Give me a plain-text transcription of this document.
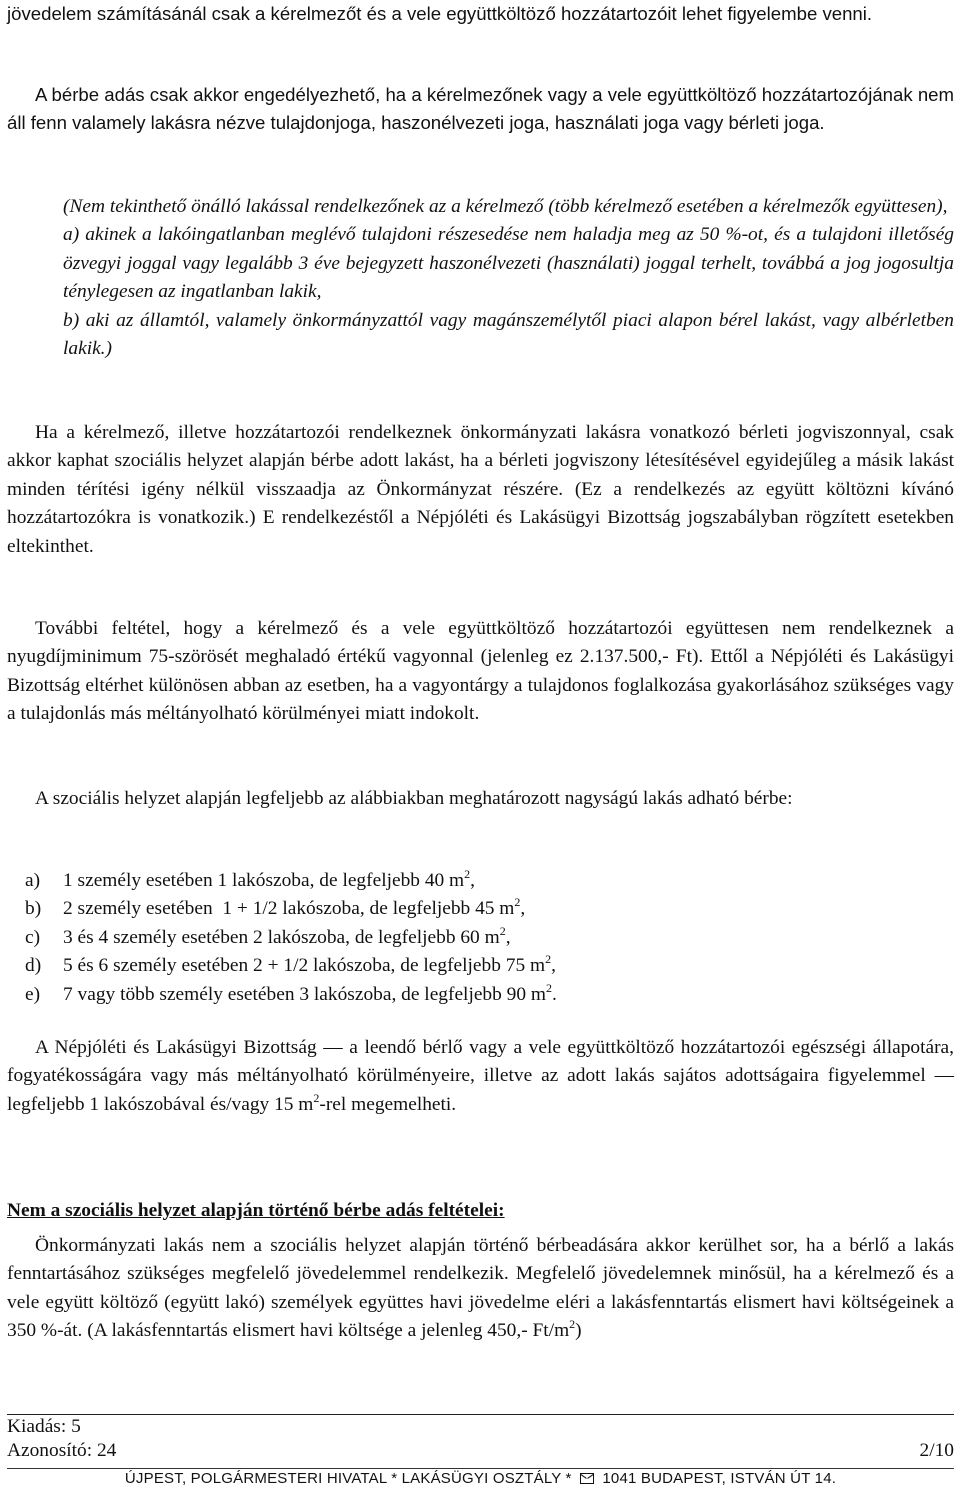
jövedelem számításánál csak a kérelmezőt és a vele együttköltöző hozzátartozóit lehet figyelembe venni.

A bérbe adás csak akkor engedélyezhető, ha a kérelmezőnek vagy a vele együttköltöző hozzátartozójának nem áll fenn valamely lakásra nézve tulajdonjoga, haszonélvezeti joga, használati joga vagy bérleti joga.

(Nem tekinthető önálló lakással rendelkezőnek az a kérelmező (több kérelmező esetében a kérelmezők együttesen),

a) akinek a lakóingatlanban meglévő tulajdoni részesedése nem haladja meg az 50 %-ot, és a tulajdoni illetőség özvegyi joggal vagy legalább 3 éve bejegyzett haszonélvezeti (használati) joggal terhelt, továbbá a jog jogosultja ténylegesen az ingatlanban lakik,

b) aki az államtól, valamely önkormányzattól vagy magánszemélytől piaci alapon bérel lakást, vagy albérletben lakik.)

Ha a kérelmező, illetve hozzátartozói rendelkeznek önkormányzati lakásra vonatkozó bérleti jogviszonnyal, csak akkor kaphat szociális helyzet alapján bérbe adott lakást, ha a bérleti jogviszony létesítésével egyidejűleg a másik lakást minden térítési igény nélkül visszaadja az Önkormányzat részére. (Ez a rendelkezés az együtt költözni kívánó hozzátartozókra is vonatkozik.) E rendelkezéstől a Népjóléti és Lakásügyi Bizottság jogszabályban rögzített esetekben eltekinthet.

További feltétel, hogy a kérelmező és a vele együttköltöző hozzátartozói együttesen nem rendelkeznek a nyugdíjminimum 75-szörösét meghaladó értékű vagyonnal (jelenleg ez 2.137.500,- Ft). Ettől a Népjóléti és Lakásügyi Bizottság eltérhet különösen abban az esetben, ha a vagyontárgy a tulajdonos foglalkozása gyakorlásához szükséges vagy a tulajdonlás más méltányolható körülményei miatt indokolt.

A szociális helyzet alapján legfeljebb az alábbiakban meghatározott nagyságú lakás adható bérbe:

a)	1 személy esetében 1 lakószoba, de legfeljebb 40 $m^2$,
b)	2 személy esetében  1 + 1/2 lakószoba, de legfeljebb 45 $m^2$,
c)	3 és 4 személy esetében 2 lakószoba, de legfeljebb 60 $m^2$,
d)	5 és 6 személy esetében 2 + 1/2 lakószoba, de legfeljebb 75 $m^2$,
e)	7 vagy több személy esetében 3 lakószoba, de legfeljebb 90 $m^2$.

A Népjóléti és Lakásügyi Bizottság ― a leendő bérlő vagy a vele együttköltöző hozzátartozói egészségi állapotára, fogyatékosságára vagy más méltányolható körülményeire, illetve az adott lakás sajátos adottságaira figyelemmel ― legfeljebb 1 lakószobával és/vagy 15 $m^2$-rel megemelheti.

Nem a szociális helyzet alapján történő bérbe adás feltételei:

Önkormányzati lakás nem a szociális helyzet alapján történő bérbeadására akkor kerülhet sor, ha a bérlő a lakás fenntartásához szükséges megfelelő jövedelemmel rendelkezik. Megfelelő jövedelemnek minősül, ha a kérelmező és a vele együtt költöző (együtt lakó) személyek együttes havi jövedelme eléri a lakásfenntartás elismert havi költségeinek a 350 %-át. (A lakásfenntartás elismert havi költsége a jelenleg 450,- $Ft/m^2$)

Kiadás: 5
Azonosító: 24	2/10
ÚJPEST, POLGÁRMESTERI HIVATAL * LAKÁSÜGYI OSZTÁLY * 1041 BUDAPEST, ISTVÁN ÚT 14.
